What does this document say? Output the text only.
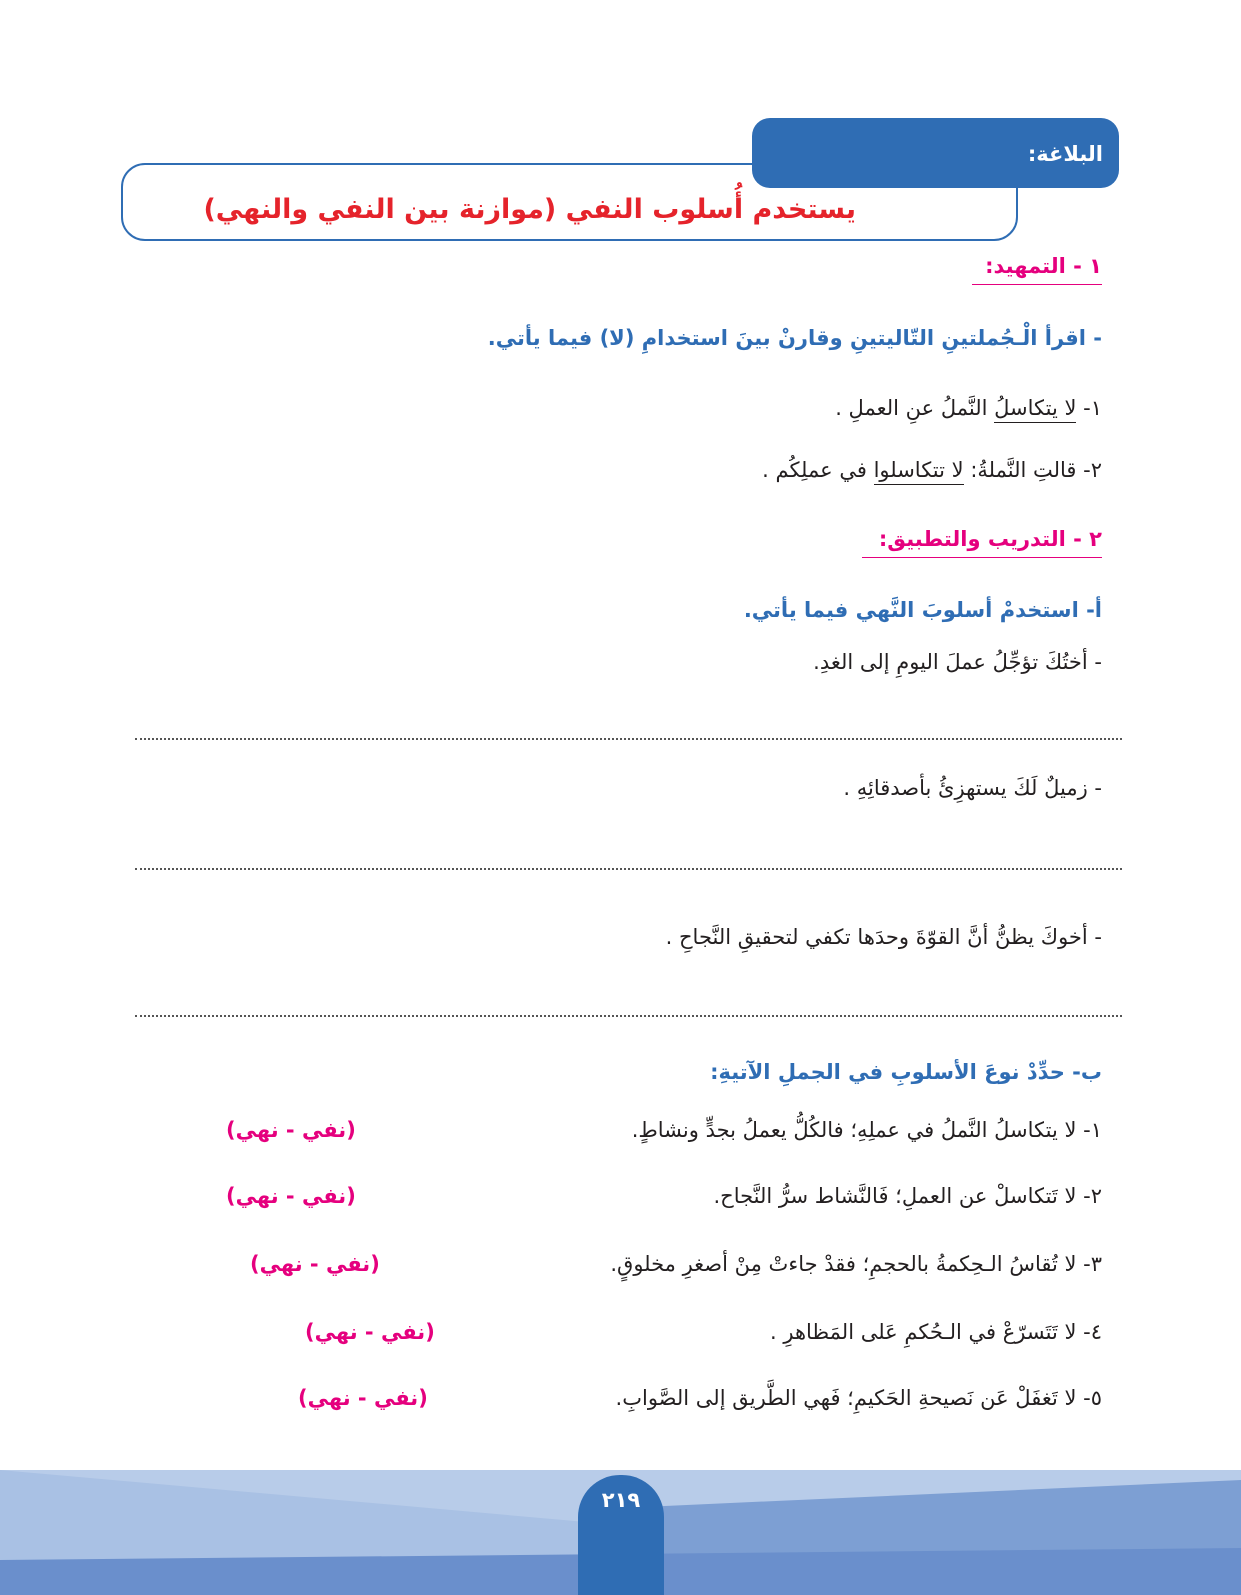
البلاغة:
يستخدم أُسلوب النفي (موازنة بين النفي والنهي)
١ - التمهيد:
- اقرأ الْـجُملتينِ التّاليتينِ وقارنْ بينَ استخدامِ (لا) فيما يأتي.
١- لا يتكاسلُ النَّملُ عنِ العملِ .
٢- قالتِ النَّملةُ: لا تتكاسلوا في عملِكُم .
٢ - التدريب والتطبيق:
أ- استخدمْ أسلوبَ النَّهي فيما يأتي.
- أختُكَ تؤجِّلُ عملَ اليومِ إلى الغدِ.
- زميلٌ لَكَ يستهزِئُ بأصدقائِهِ .
- أخوكَ يظنُّ أنَّ القوّةَ وحدَها تكفي لتحقيقِ النَّجاحِ .
ب- حدِّدْ نوعَ الأسلوبِ في الجملِ الآتيةِ:
١- لا يتكاسلُ النَّملُ في عملِهِ؛ فالكُلُّ يعملُ بجدٍّ ونشاطٍ.
(نفي - نهي)
٢- لا تَتكاسلْ عن العملِ؛ فَالنَّشاط سرُّ النَّجاح.
(نفي - نهي)
٣- لا تُقاسُ الـحِكمةُ بالحجمِ؛ فقدْ جاءتْ مِنْ أصغرِ مخلوقٍ.
(نفي - نهي)
٤- لا تَتَسرّعْ في الـحُكمِ عَلى المَظاهرِ .
(نفي - نهي)
٥- لا تَغفَلْ عَن نَصيحةِ الحَكيمِ؛ فَهي الطَّريق إلى الصَّوابِ.
(نفي - نهي)
٢١٩
